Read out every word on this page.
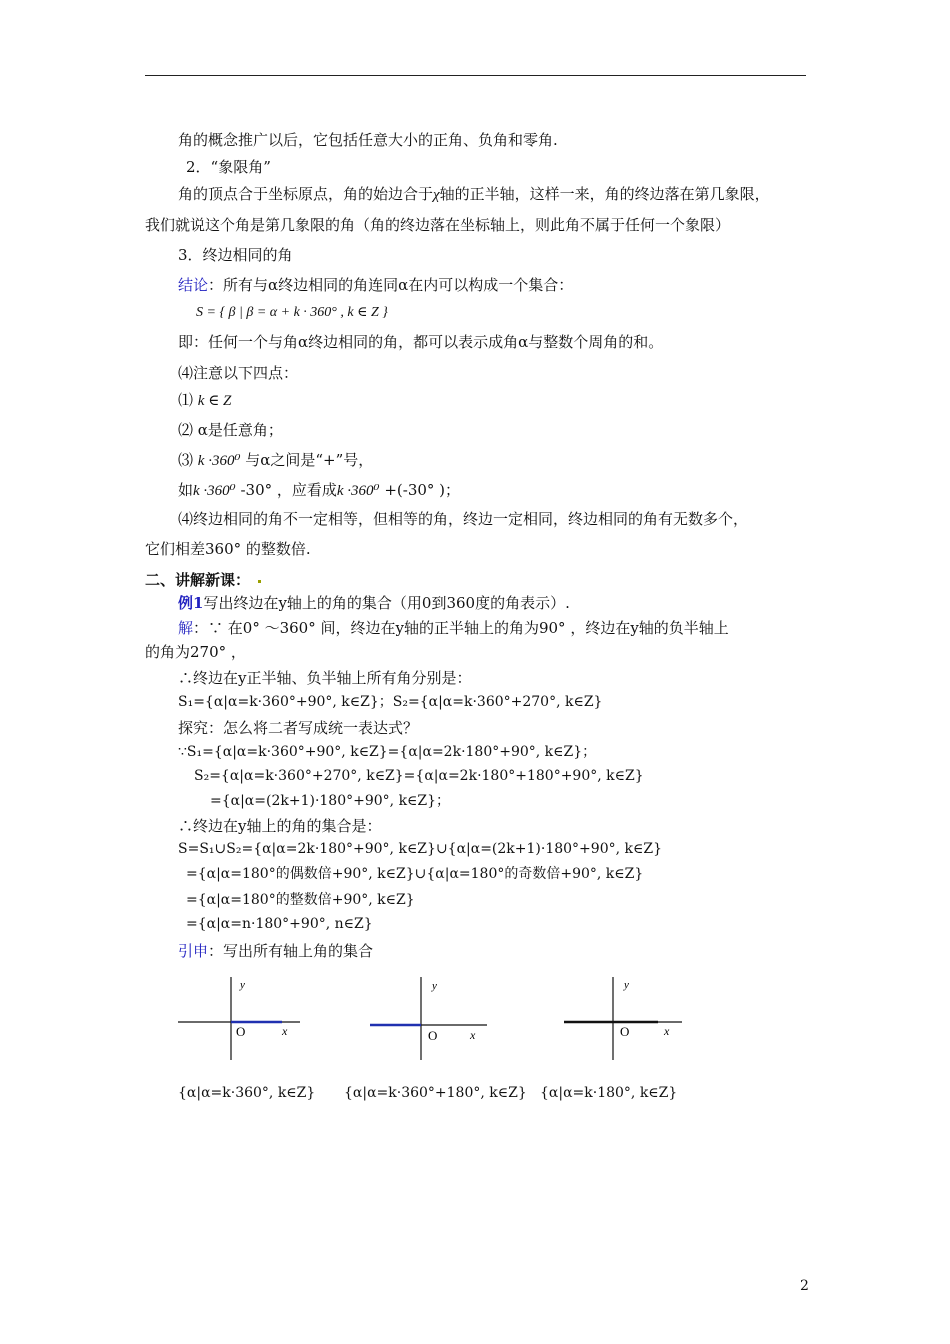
角的概念推广以后，它包括任意大小的正角、负角和零角.
2．“象限角”
角的顶点合于坐标原点，角的始边合于χ轴的正半轴，这样一来，角的终边落在第几象限，
我们就说这个角是第几象限的角（角的终边落在坐标轴上，则此角不属于任何一个象限）
3．终边相同的角
结论：所有与α终边相同的角连同α在内可以构成一个集合：
S = { β | β = α + k · 360° , k ∈ Z }
即：任何一个与角α终边相同的角，都可以表示成角α与整数个周角的和。
⑷注意以下四点：
⑴ k ∈ Z
⑵ α是任意角；
⑶ k ·360⁰ 与α之间是“+”号，
如k ·360⁰ -30° ，应看成k ·360⁰ +(-30° )；
⑷终边相同的角不一定相等，但相等的角，终边一定相同，终边相同的角有无数多个，
它们相差360° 的整数倍.
二、讲解新课：
例1写出终边在y轴上的角的集合（用0到360度的角表示）.
解：∵ 在0° ～360° 间，终边在y轴的正半轴上的角为90° ，终边在y轴的负半轴上
的角为270° ，
∴终边在y正半轴、负半轴上所有角分别是：
S₁={α|α=k·360°+90°, k∈Z}；S₂={α|α=k·360°+270°, k∈Z}
探究：怎么将二者写成统一表达式？
∵S₁={α|α=k·360°+90°, k∈Z}={α|α=2k·180°+90°, k∈Z}；
S₂={α|α=k·360°+270°, k∈Z}={α|α=2k·180°+180°+90°, k∈Z}
={α|α=(2k+1)·180°+90°, k∈Z}；
∴终边在y轴上的角的集合是：
S=S₁∪S₂={α|α=2k·180°+90°, k∈Z}∪{α|α=(2k+1)·180°+90°, k∈Z}
={α|α=180°的偶数倍+90°, k∈Z}∪{α|α=180°的奇数倍+90°, k∈Z}
={α|α=180°的整数倍+90°, k∈Z}
={α|α=n·180°+90°, n∈Z}
引申：写出所有轴上角的集合
y
O	x
y
O	x
y
O	x
{α|α=k·360°, k∈Z} {α|α=k·360°+180°, k∈Z} {α|α=k·180°, k∈Z}
2
